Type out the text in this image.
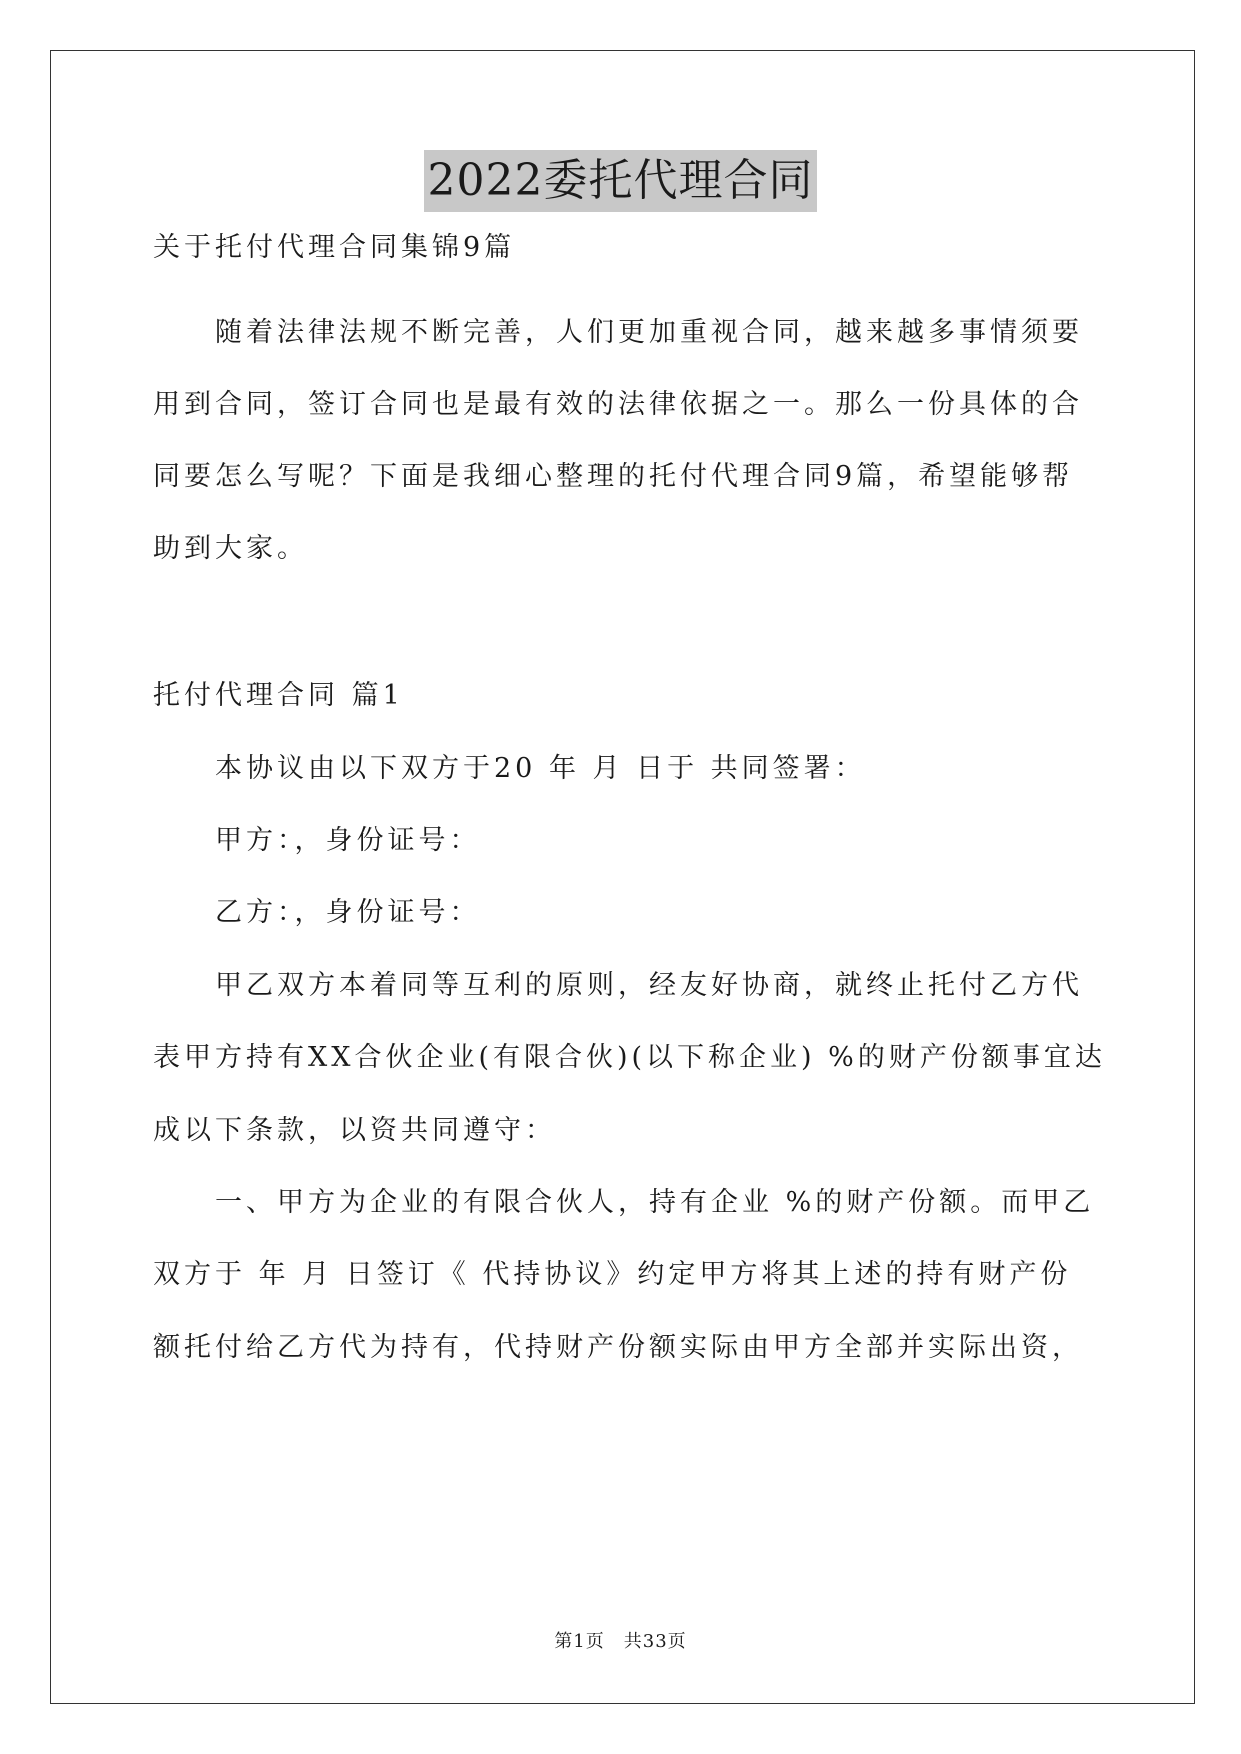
2022委托代理合同
关于托付代理合同集锦9篇
随着法律法规不断完善，人们更加重视合同，越来越多事情须要
用到合同，签订合同也是最有效的法律依据之一。那么一份具体的合
同要怎么写呢？下面是我细心整理的托付代理合同9篇，希望能够帮
助到大家。
托付代理合同 篇1
本协议由以下双方于20 年 月 日于 共同签署：
甲方：，身份证号：
乙方：，身份证号：
甲乙双方本着同等互利的原则，经友好协商，就终止托付乙方代
表甲方持有XX合伙企业(有限合伙)(以下称企业) %的财产份额事宜达
成以下条款，以资共同遵守：
一、甲方为企业的有限合伙人，持有企业 %的财产份额。而甲乙
双方于 年 月 日签订《 代持协议》约定甲方将其上述的持有财产份
额托付给乙方代为持有，代持财产份额实际由甲方全部并实际出资，
第1页　共33页
